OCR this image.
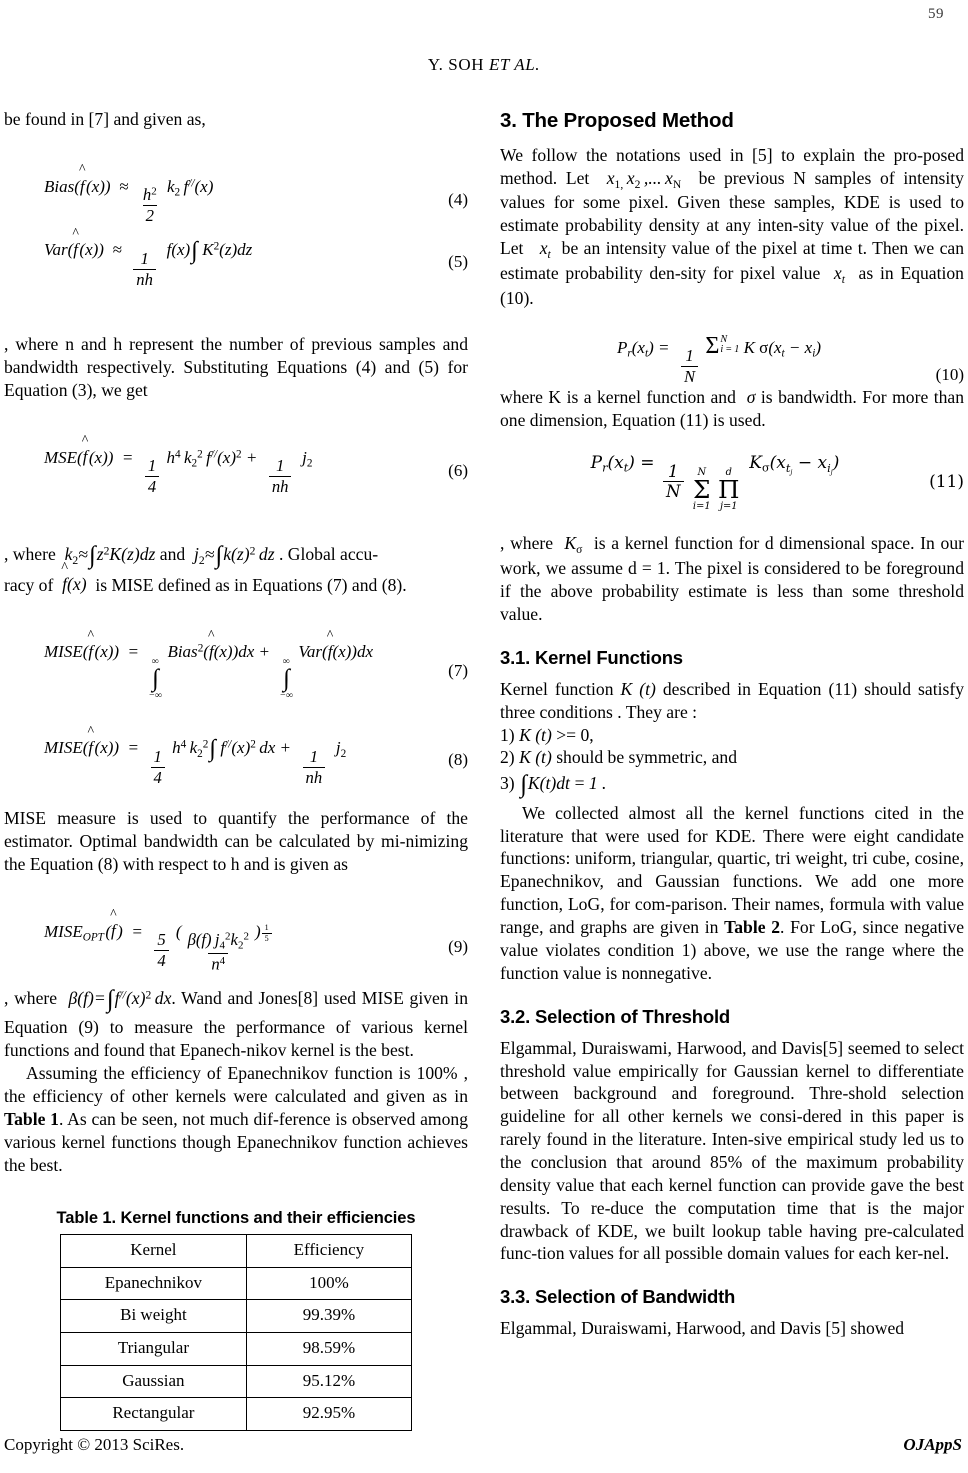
59
Y. SOH ET AL.

be found in [7] and given as,

Bias(
^
f (x))  ≈
$\frac{h^2}{2}$
$k_2$ f//(x)
(4)
Var(
^
f (x))  ≈
$\frac{1}{nh}$
 f(x)∫ $K^2(z)dz$
(5)

, where n and h represent the number of previous samples and bandwidth respectively. Substituting Equations (4) and (5) for Equation (3), we get

MSE(
^
f (x))  =
$\frac{1}{4}$
$h^4$ $k_2^2$ $f^{//}(x)^2$ +
$\frac{1}{nh}$
 $j_2$	(6)

, where  $k_2\approx\int z^2K(z)dz$ and  $j_2\approx\int k(z)^2$ dz . Global accu-

racy of
^
f(x)  is MISE defined as in Equations (7) and (8).

MISE(
^
f (x))  =
∞
∫
−∞
Bias$^2$(
^
f(x))dx +
∞
∫
−∞
Var(
^
f(x))dx
(7)
MISE(
^
f (x))  =
$\frac{1}{4}$
$h^4$ $k_2^2\int$ $f^{//}(x)^2$ dx +
$\frac{1}{nh}$
 $j_2$	(8)

MISE measure is used to quantify the performance of the estimator. Optimal bandwidth can be calculated by mi-nimizing the Equation (8) with respect to h and is given as

$MISE_{OPT}$ (
^
f )  =
$\frac{5}{4}$
(
$\frac{\beta(f) j_4^2k_2^2}{n^4}$
) $^{\frac{1}{5}}$
(9)

, where  $\beta(f)=\int f^{//}(x)^2$ dx. Wand and Jones[8] used MISE given in Equation (9) to measure the performance of various kernel functions and found that Epanech-nikov kernel is the best.

Assuming the efficiency of Epanechnikov function is 100% , the efficiency of other kernels were calculated and given as in Table 1. As can be seen, not much dif-ference is observed among various kernel functions though Epanechnikov function achieves the best.

Table 1. Kernel functions and their efficiencies
Kernel	Efficiency
Epanechnikov	100%
Bi weight	99.39%
Triangular	98.59%
Gaussian	95.12%
Rectangular	92.95%
3. The Proposed Method

We follow the notations used in [5] to explain the pro-posed method. Let  $x_{1,}$ $x_2$ ,... $x_N$  be previous N samples of intensity values for some pixel. Given these samples, KDE is used to estimate probability density at any inten-sity value of the pixel. Let   $x_t$  be an intensity value of the pixel at time t. Then we can estimate probability den-sity for pixel value  $x_t$  as in Equation (10).

$P_r(x_t)$ =
$\frac{1}{N}$

Σ N
i = 1 K $\sigma(x_t - x_i)$
(10)

where K is a kernel function and  σ is bandwidth. For more than one dimension, Equation (11) is used.

$P_r(x_t) = \frac{1}{N}$
N
Σ
i=1

d
Π
j=1
 $K_\sigma(x_{tj} - x_{ij})$
(11)

, where  $K_\sigma$  is a kernel function for d dimensional space. In our work, we assume d = 1. The pixel is considered to be foreground if the above probability estimate is less than some threshold value.

3.1. Kernel Functions

Kernel function K (t) described in Equation (11) should satisfy three conditions . They are :

1) K (t) >= 0,

2) K (t) should be symmetric, and

3) ∫K(t)dt = 1 .

We collected almost all the kernel functions cited in the literature that were used for KDE. There were eight candidate functions: uniform, triangular, quartic, tri weight, tri cube, cosine, Epanechnikov, and Gaussian functions. We add one more function, LoG, for com-parison. Their names, formula with value range, and graphs are given in Table 2. For LoG, since negative value violates condition 1) above, we use the range where the function value is nonnegative.

3.2. Selection of Threshold

Elgammal, Duraiswami, Harwood, and Davis[5] seemed to select threshold value empirically for Gaussian kernel to differentiate between background and foreground. Thre-shold selection guideline for all other kernels we consi-dered in this paper is rarely found in the literature. Inten-sive empirical study led us to the conclusion that around 85% of the maximum probability density value that each kernel function can provide gave the best results. To re-duce the computation time that is the major drawback of KDE, we built lookup table having pre-calculated func-tion values for all possible domain values for each ker-nel.

3.3. Selection of Bandwidth

Elgammal, Duraiswami, Harwood, and Davis [5] showed

Copyright © 2013 SciRes.	OJAppS
